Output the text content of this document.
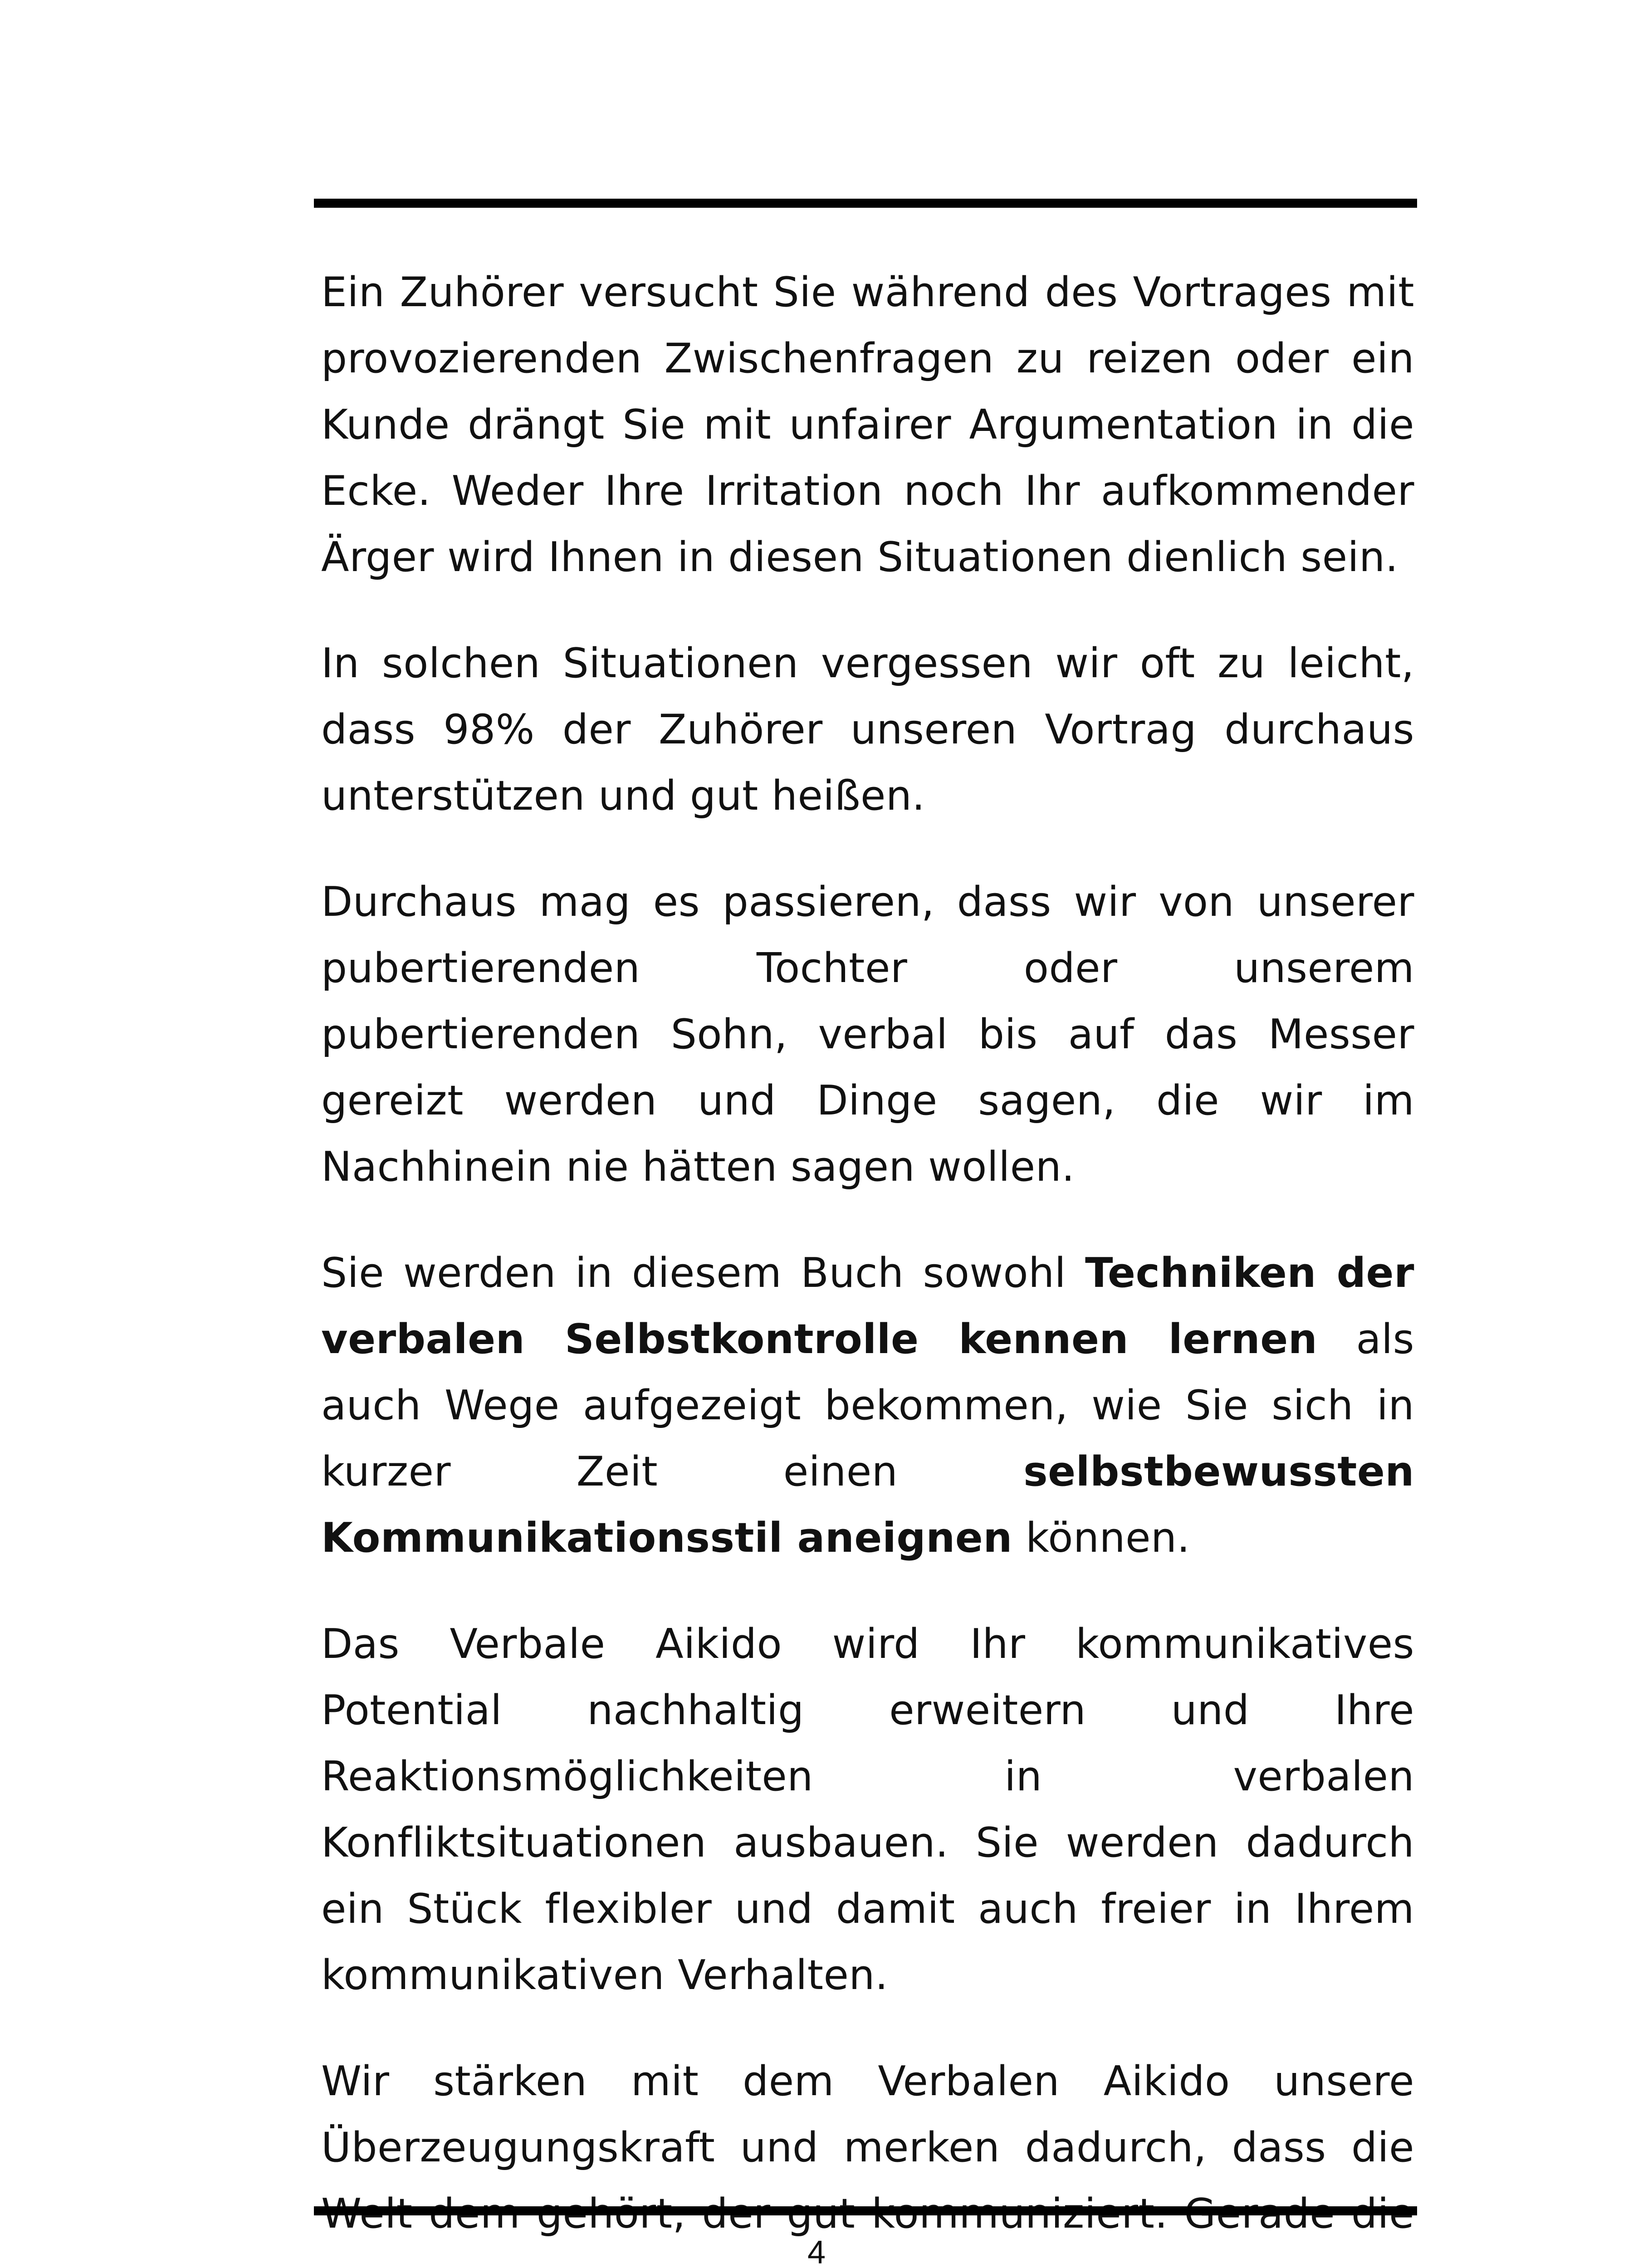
Ein Zuhörer versucht Sie während des Vortrages mit provozierenden Zwischenfragen zu reizen oder ein Kunde drängt Sie mit unfairer Argumentation in die Ecke. Weder Ihre Irritation noch Ihr aufkommender Ärger wird Ihnen in diesen Situationen dienlich sein.

In solchen Situationen vergessen wir oft zu leicht, dass 98% der Zuhörer unseren Vortrag durchaus unterstützen und gut heißen.

Durchaus mag es passieren, dass wir von unserer pubertierenden Tochter oder unserem pubertierenden Sohn, verbal bis auf das Messer gereizt werden und Dinge sagen, die wir im Nachhinein nie hätten sagen wollen.

Sie werden in diesem Buch sowohl Techniken der verbalen Selbstkontrolle kennen lernen als auch Wege aufgezeigt bekommen, wie Sie sich in kurzer Zeit einen selbstbewussten Kommunikationsstil aneignen können.

Das Verbale Aikido wird Ihr kommunikatives Potential nachhaltig erweitern und Ihre Reaktionsmöglichkeiten in verbalen Konfliktsituationen ausbauen. Sie werden dadurch ein Stück flexibler und damit auch freier in Ihrem kommunikativen Verhalten.

Wir stärken mit dem Verbalen Aikido unsere Überzeugungskraft und merken dadurch, dass die

4
